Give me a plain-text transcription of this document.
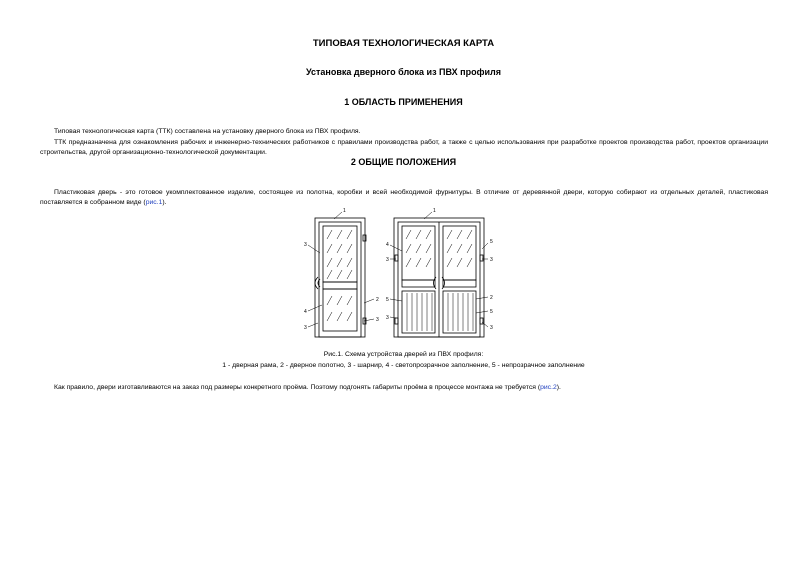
ТИПОВАЯ ТЕХНОЛОГИЧЕСКАЯ КАРТА
Установка дверного блока из ПВХ профиля
1 ОБЛАСТЬ ПРИМЕНЕНИЯ

Типовая технологическая карта (ТТК) составлена на установку дверного блока из ПВХ профиля.

ТТК предназначена для ознакомления рабочих и инженерно-технических работников с правилами производства работ, а также с целью использования при разработке проектов производства работ, проектов организации строительства, другой организационно-технологической документации.

2 ОБЩИЕ ПОЛОЖЕНИЯ

Пластиковая дверь - это готовое укомплектованное изделие, состоящее из полотна, коробки и всей необходимой фурнитуры. В отличие от деревянной двери, которую собирают из отдельных деталей, пластиковая поставляется в собранном виде (рис.1).

1
3
4
2
3
3
1
4
3
5
3
5
3
2
5
3
Рис.1. Схема устройства дверей из ПВХ профиля:
1 - дверная рама, 2 - дверное полотно, 3 - шарнир, 4 - светопрозрачное заполнение, 5 - непрозрачное заполнение

Как правило, двери изготавливаются на заказ под размеры конкретного проёма. Поэтому подгонять габариты проёма в процессе монтажа не требуется (рис.2).
